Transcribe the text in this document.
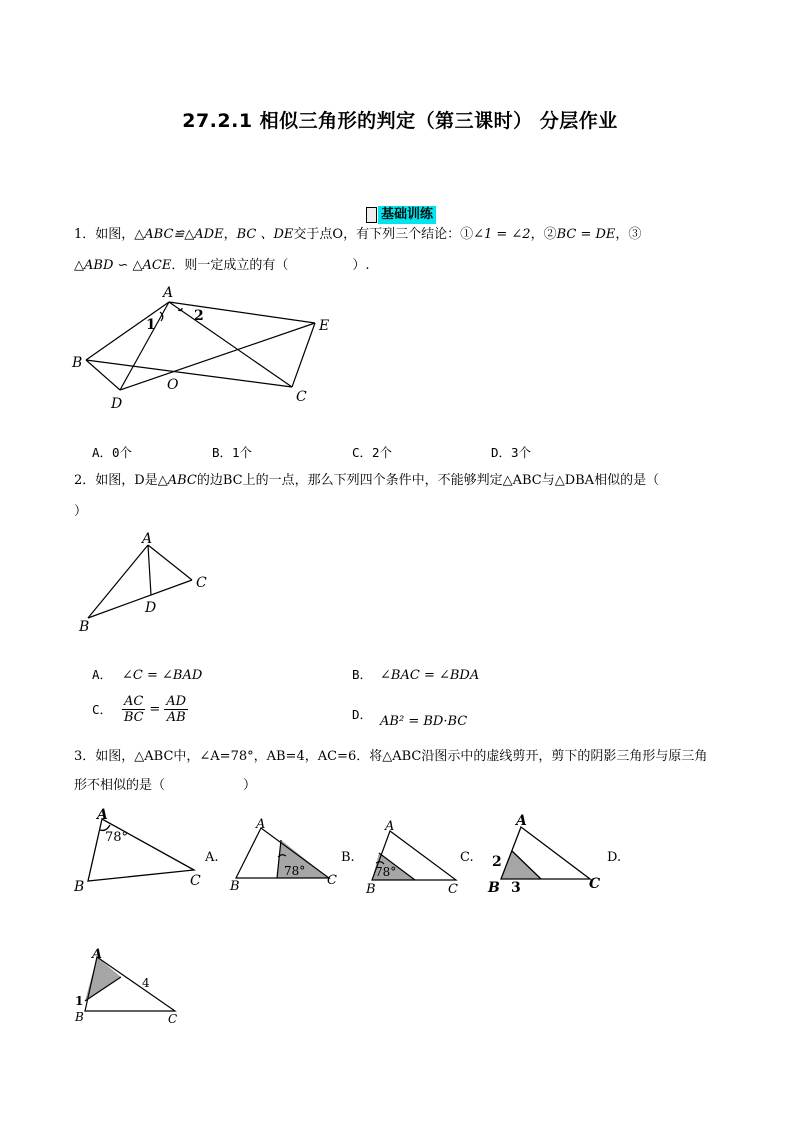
27.2.1 相似三角形的判定（第三课时） 分层作业
基础训练
1．如图，△ABC≌△ADE，BC 、DE交于点O，有下列三个结论：①∠1 = ∠2，②BC = DE，③
△ABD ∽ △ACE．则一定成立的有（	）.
A
1
2
E
B
O
D	C
A．0个	B．1个	C．2个	D．3个
2．如图，D是△ABC的边BC上的一点，那么下列四个条件中，不能够判定△ABC与△DBA相似的是（
）
A
C
D
B
A． ∠C = ∠BAD	B． ∠BAC = ∠BDA
C． $\frac{AC}{BC} = \frac{AD}{AB}$	D． AB² = BD·BC
3．如图，△ABC中，∠A=78°，AB=4，AC=6．将△ABC沿图示中的虚线剪开，剪下的阴影三角形与原三角
形不相似的是（	）
A
78°
B	C
A.
A
78°
B	C
B.
A
78°
B	C
C.
A
2
B 3	C
D.
A
4
1
B	C
